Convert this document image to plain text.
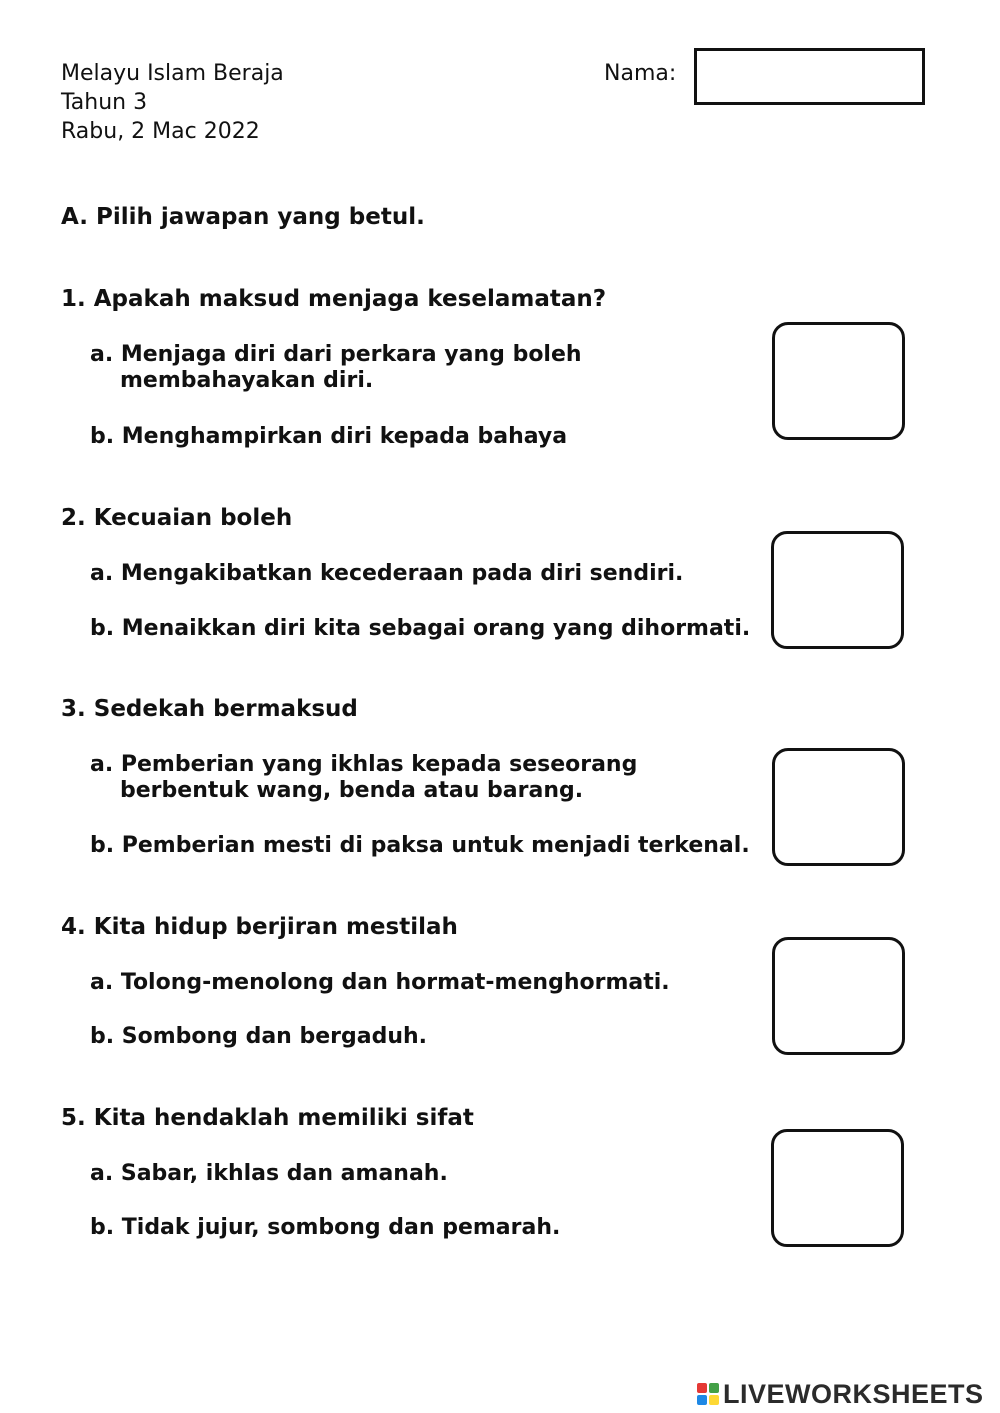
Melayu Islam Beraja
Tahun 3
Rabu, 2 Mac 2022
Nama:
A. Pilih jawapan yang betul.
1. Apakah maksud menjaga keselamatan?
a. Menjaga diri dari perkara yang boleh
membahayakan diri.
b. Menghampirkan diri kepada bahaya
2. Kecuaian boleh
a. Mengakibatkan kecederaan pada diri sendiri.
b. Menaikkan diri kita sebagai orang yang dihormati.
3. Sedekah bermaksud
a. Pemberian yang ikhlas kepada seseorang
berbentuk wang, benda atau barang.
b. Pemberian mesti di paksa untuk menjadi terkenal.
4. Kita hidup berjiran mestilah
a. Tolong-menolong dan hormat-menghormati.
b. Sombong dan bergaduh.
5. Kita hendaklah memiliki sifat
a. Sabar, ikhlas dan amanah.
b. Tidak jujur, sombong dan pemarah.
LIVEWORKSHEETS
